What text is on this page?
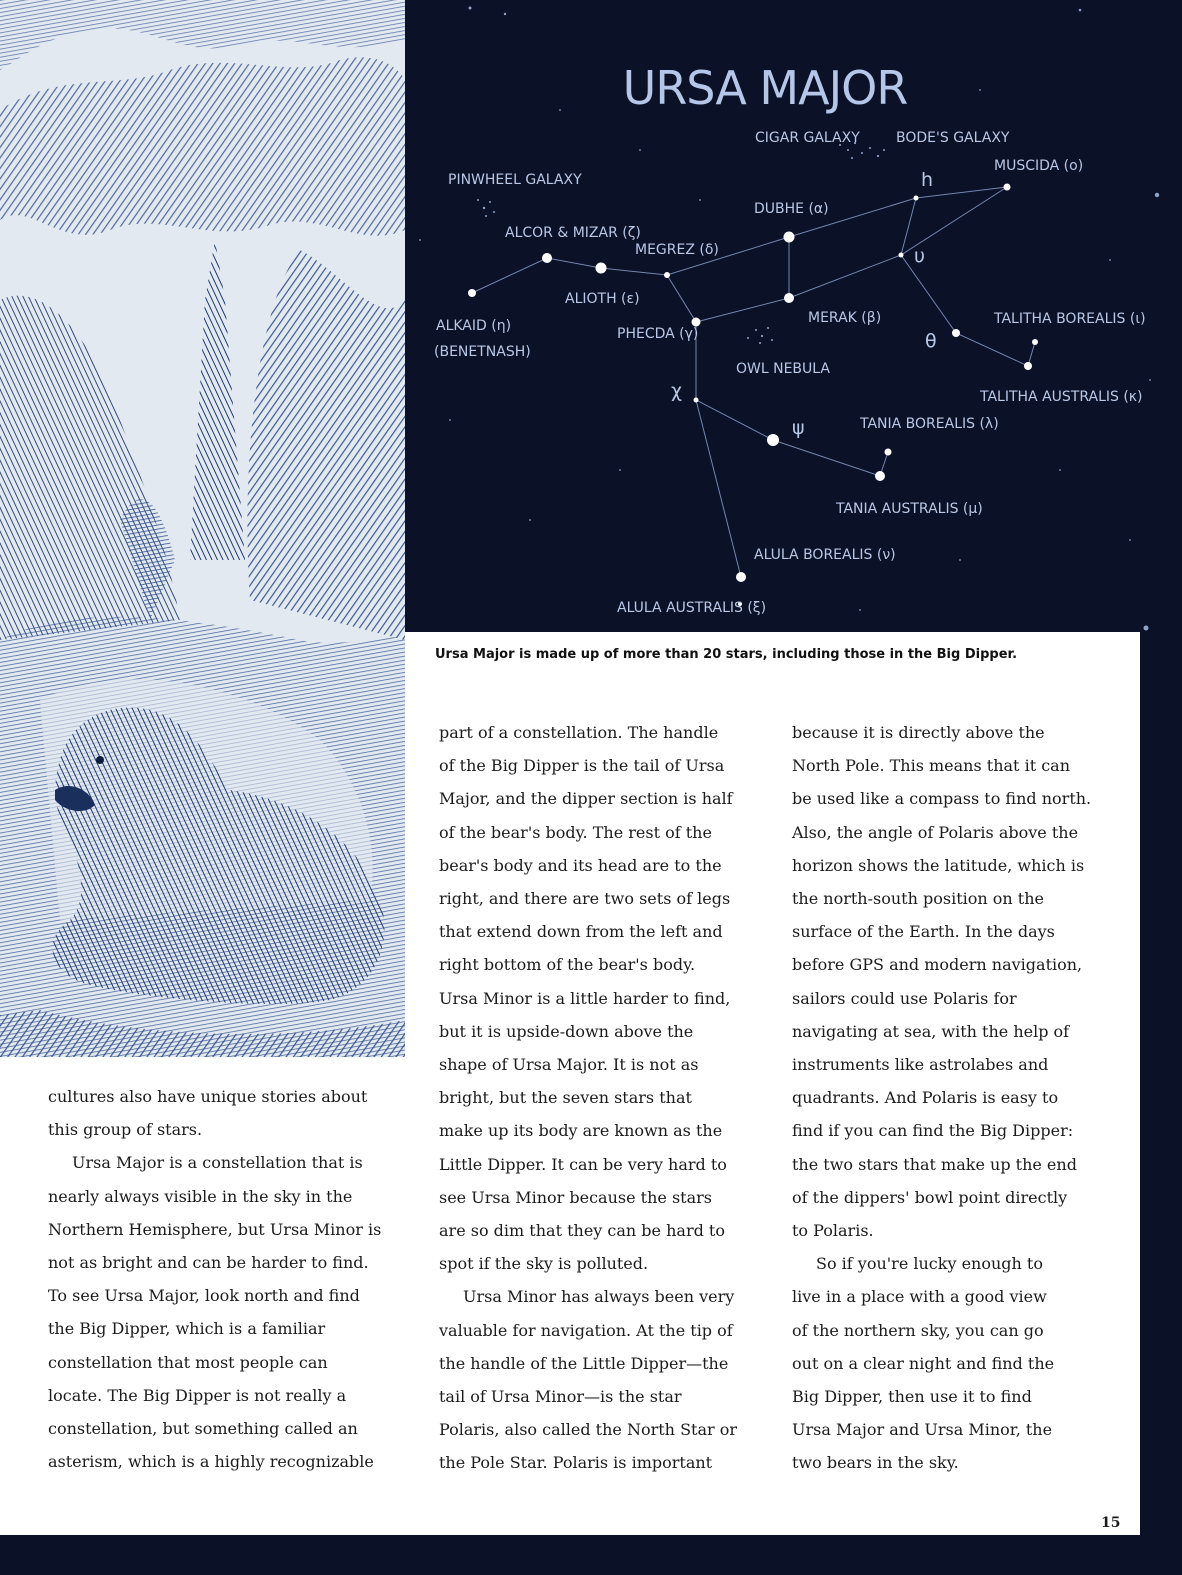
URSA MAJOR
CIGAR GALAXY	BODE'S GALAXY
MUSCIDA (ο)
PINWHEEL GALAXY
DUBHE (α)
h
ALCOR & MIZAR (ζ)
MEGREZ (δ)	υ
ALIOTH (ε)
ALKAID (η)
(BENETNASH)
PHECDA (γ)
MERAK (β)	TALITHA BOREALIS (ι)
θ
OWL NEBULA
TALITHA AUSTRALIS (κ)
χ
ψ	TANIA BOREALIS (λ)
TANIA AUSTRALIS (μ)
ALULA BOREALIS (ν)
ALULA AUSTRALIS (ξ)
Ursa Major is made up of more than 20 stars, including those in the Big Dipper.
cultures also have unique stories about
this group of stars.
Ursa Major is a constellation that is
nearly always visible in the sky in the
Northern Hemisphere, but Ursa Minor is
not as bright and can be harder to find.
To see Ursa Major, look north and find
the Big Dipper, which is a familiar
constellation that most people can
locate. The Big Dipper is not really a
constellation, but something called an
asterism, which is a highly recognizable
part of a constellation. The handle
of the Big Dipper is the tail of Ursa
Major, and the dipper section is half
of the bear's body. The rest of the
bear's body and its head are to the
right, and there are two sets of legs
that extend down from the left and
right bottom of the bear's body.
Ursa Minor is a little harder to find,
but it is upside-down above the
shape of Ursa Major. It is not as
bright, but the seven stars that
make up its body are known as the
Little Dipper. It can be very hard to
see Ursa Minor because the stars
are so dim that they can be hard to
spot if the sky is polluted.
Ursa Minor has always been very
valuable for navigation. At the tip of
the handle of the Little Dipper—the
tail of Ursa Minor—is the star
Polaris, also called the North Star or
the Pole Star. Polaris is important
because it is directly above the
North Pole. This means that it can
be used like a compass to find north.
Also, the angle of Polaris above the
horizon shows the latitude, which is
the north-south position on the
surface of the Earth. In the days
before GPS and modern navigation,
sailors could use Polaris for
navigating at sea, with the help of
instruments like astrolabes and
quadrants. And Polaris is easy to
find if you can find the Big Dipper:
the two stars that make up the end
of the dippers' bowl point directly
to Polaris.
So if you're lucky enough to
live in a place with a good view
of the northern sky, you can go
out on a clear night and find the
Big Dipper, then use it to find
Ursa Major and Ursa Minor, the
two bears in the sky.
15
